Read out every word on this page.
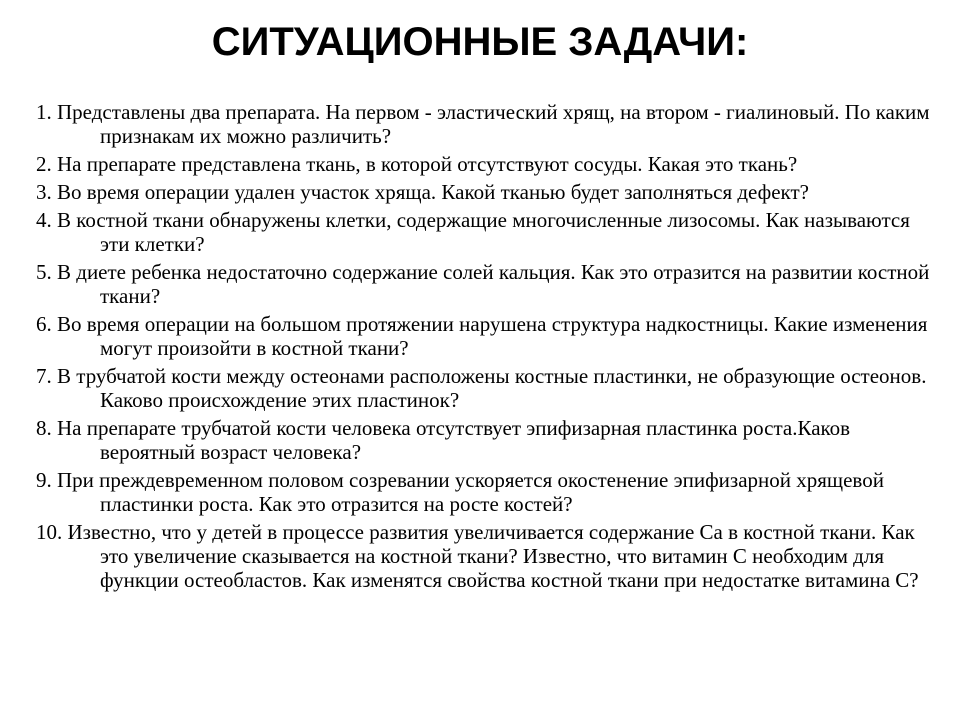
СИТУАЦИОННЫЕ ЗАДАЧИ:
1. Представлены два препарата. На первом - эластический хрящ, на втором - гиалиновый. По каким признакам их можно различить?
2. На препарате представлена ткань, в которой отсутствуют сосуды. Какая это ткань?
3. Во время операции удален участок хряща. Какой тканью будет заполняться дефект?
4. В костной ткани обнаружены клетки, содержащие многочисленные лизосомы. Как называются эти клетки?
5. В диете ребенка недостаточно содержание солей кальция. Как это отразится на развитии костной ткани?
6. Во время операции на большом протяжении нарушена структура надкостницы. Какие изменения могут произойти в костной ткани?
7. В трубчатой кости между остеонами расположены костные пластинки, не образующие остеонов. Каково происхождение этих пластинок?
8. На препарате трубчатой кости человека отсутствует эпифизарная пластинка роста.Каков вероятный возраст человека?
9. При преждевременном половом созревании ускоряется окостенение эпифизарной хрящевой пластинки роста. Как это отразится на росте костей?
10. Известно, что у детей в процессе развития увеличивается содержание Са в костной ткани. Как это увеличение сказывается на костной ткани? Известно, что витамин С необходим для функции остеобластов. Как изменятся свойства костной ткани при недостатке витамина С?
